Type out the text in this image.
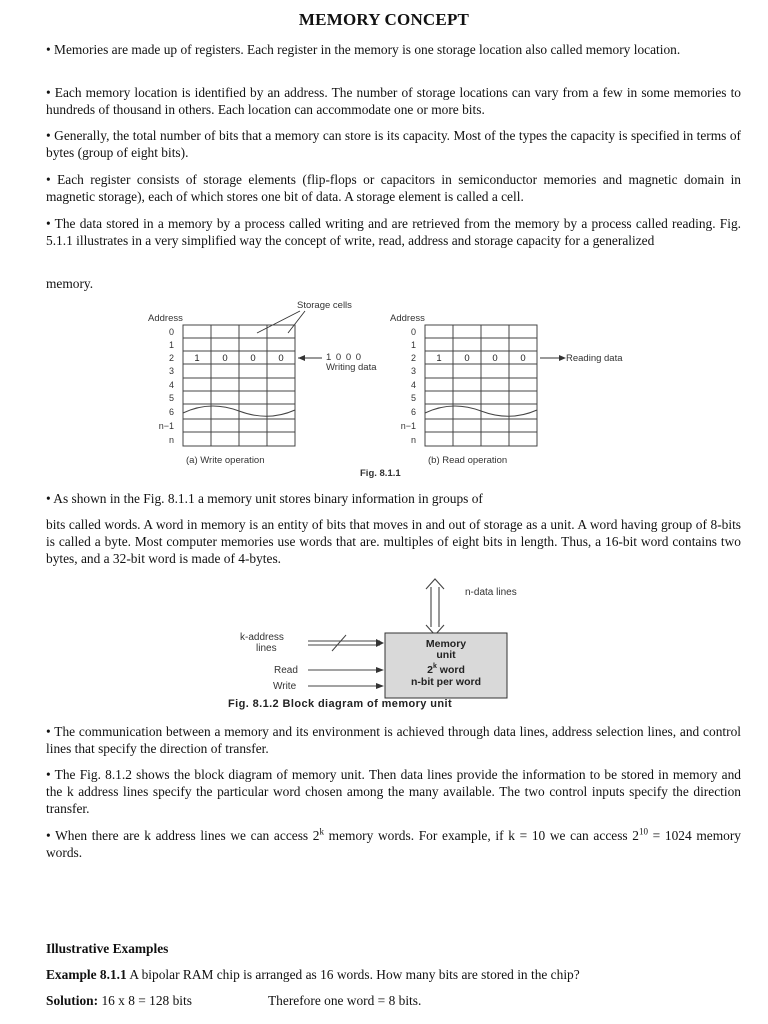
MEMORY CONCEPT

• Memories are made up of registers. Each register in the memory is one storage location also called memory location.

• Each memory location is identified by an address. The number of storage locations can vary from a few in some memories to hundreds of thousand in others. Each location can accommodate one or more bits.

• Generally, the total number of bits that a memory can store is its capacity. Most of the types the capacity is specified in terms of bytes (group of eight bits).

• Each register consists of storage elements (flip-flops or capacitors in semiconductor memories and magnetic domain in magnetic storage), each of which stores one bit of data. A storage element is called a cell.

• The data stored in a memory by a process called writing and are retrieved from the memory by a process called reading. Fig. 5.1.1 illustrates in a very simplified way the concept of write, read, address and storage capacity for a generalized

memory.

Storage cells
Address	Address
0
1
2
3
4
5
6
n−1
n
0
1
2
3
4
5
6
n−1
n
1 0 0 0	1 0 0 0
1 0 0 0
Writing data
Reading data
(a) Write operation	(b) Read operation
Fig. 8.1.1

• As shown in the Fig. 8.1.1 a memory unit stores binary information in groups of

bits called words. A word in memory is an entity of bits that moves in and out of storage as a unit. A word having group of 8-bits is called a byte. Most computer memories use words that are. multiples of eight bits in length. Thus, a 16-bit word contains two bytes, and a 32-bit word is made of 4-bytes.

n-data lines
Memory
unit
2$^k$ word
n-bit per word
k-address
lines
Read
Write
Fig. 8.1.2 Block diagram of memory unit

• The communication between a memory and its environment is achieved through data lines, address selection lines, and control lines that specify the direction of transfer.

• The Fig. 8.1.2 shows the block diagram of memory unit. Then data lines provide the information to be stored in memory and the k address lines specify the particular word chosen among the many available. The two control inputs specify the direction transfer.

• When there are k address lines we can access 2$^k$ memory words. For example, if k = 10 we can access $2^{10} = 1024$ memory words.

Illustrative Examples

Example 8.1.1 A bipolar RAM chip is arranged as 16 words. How many bits are stored in the chip?

Solution: 16 x 8 = 128 bits	Therefore one word = 8 bits.
